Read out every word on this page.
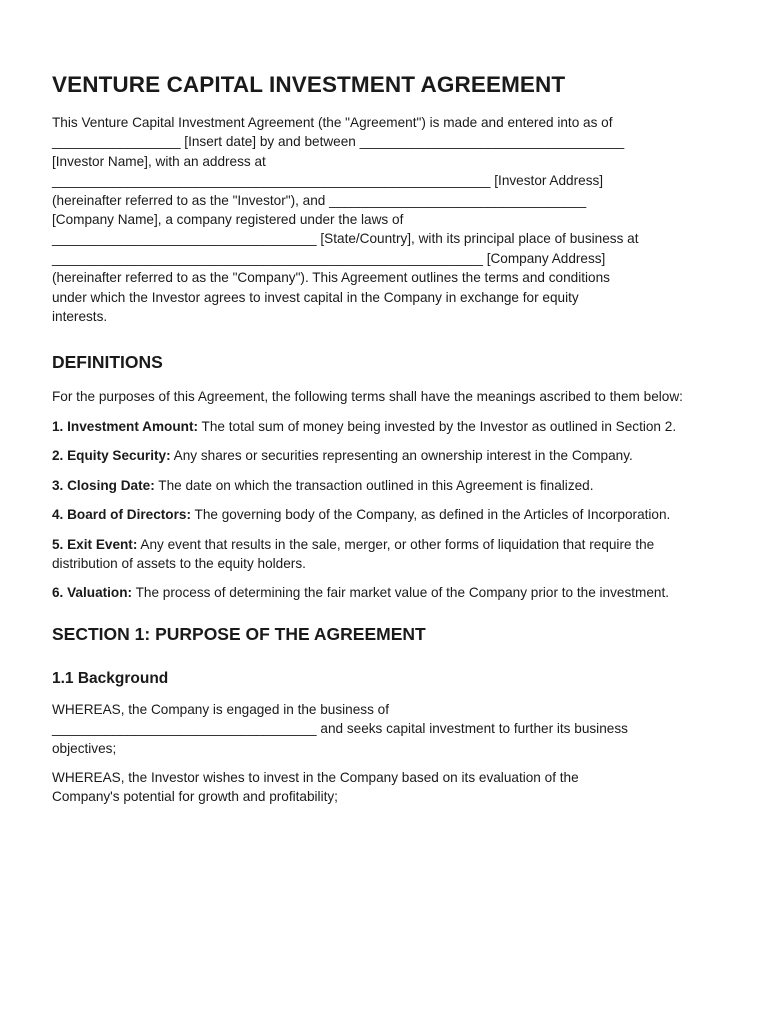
VENTURE CAPITAL INVESTMENT AGREEMENT

This Venture Capital Investment Agreement (the "Agreement") is made and entered into as of
_________________ [Insert date] by and between ___________________________________
[Investor Name], with an address at
__________________________________________________________ [Investor Address]
(hereinafter referred to as the "Investor"), and __________________________________
[Company Name], a company registered under the laws of
___________________________________ [State/Country], with its principal place of business at
_________________________________________________________ [Company Address]
(hereinafter referred to as the "Company"). This Agreement outlines the terms and conditions
under which the Investor agrees to invest capital in the Company in exchange for equity
interests.

DEFINITIONS

For the purposes of this Agreement, the following terms shall have the meanings ascribed to them below:

1. Investment Amount: The total sum of money being invested by the Investor as outlined in Section 2.

2. Equity Security: Any shares or securities representing an ownership interest in the Company.

3. Closing Date: The date on which the transaction outlined in this Agreement is finalized.

4. Board of Directors: The governing body of the Company, as defined in the Articles of Incorporation.

5. Exit Event: Any event that results in the sale, merger, or other forms of liquidation that require the distribution of assets to the equity holders.

6. Valuation: The process of determining the fair market value of the Company prior to the investment.

SECTION 1: PURPOSE OF THE AGREEMENT
1.1 Background

WHEREAS, the Company is engaged in the business of
___________________________________ and seeks capital investment to further its business
objectives;

WHEREAS, the Investor wishes to invest in the Company based on its evaluation of the
Company's potential for growth and profitability;
